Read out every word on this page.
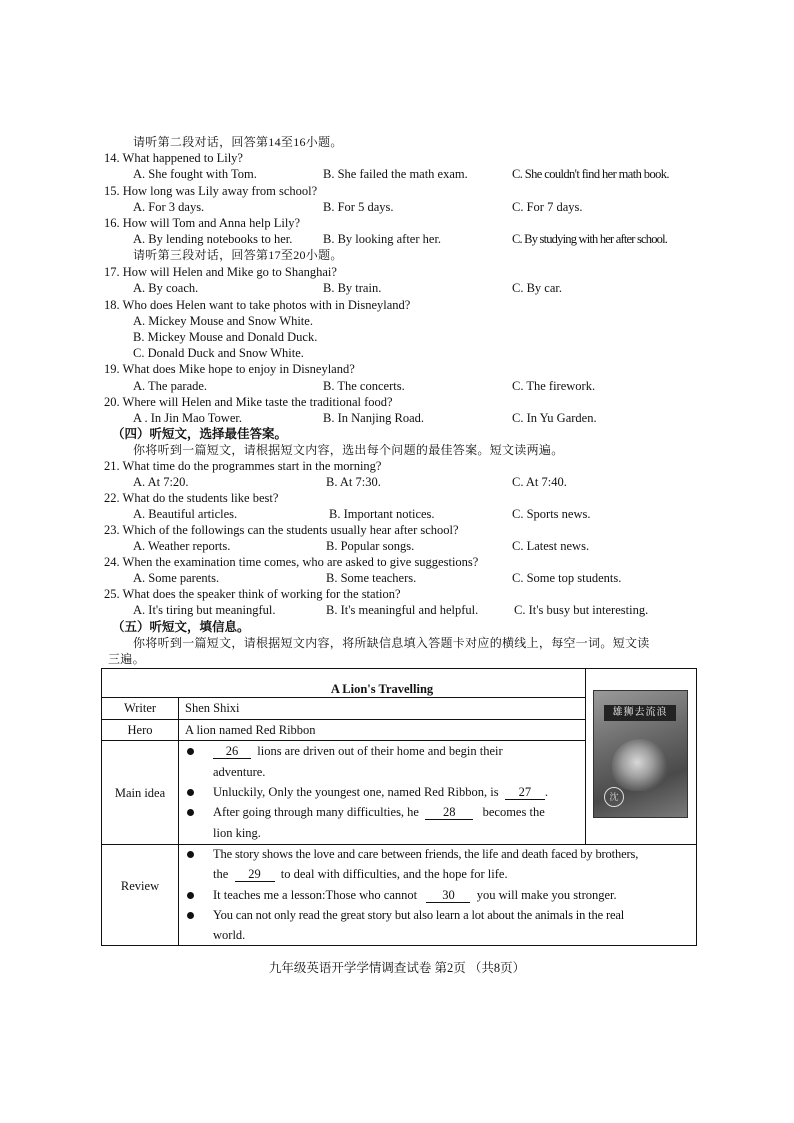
请听第二段对话，回答第14至16小题。
14. What happened to Lily?
A. She fought with Tom.	B. She failed the math exam.	C. She couldn't find her math book.
15. How long was Lily away from school?
A. For 3 days.	B. For 5 days.	C. For 7 days.
16. How will Tom and Anna help Lily?
A. By lending notebooks to her. B. By looking after her.	C. By studying with her after school.
请听第三段对话，回答第17至20小题。
17. How will Helen and Mike go to Shanghai?
A. By coach.	B. By train.	C. By car.
18. Who does Helen want to take photos with in Disneyland?
A. Mickey Mouse and Snow White.
B. Mickey Mouse and Donald Duck.
C. Donald Duck and Snow White.
19. What does Mike hope to enjoy in Disneyland?
A. The parade.	B. The concerts.	C. The firework.
20. Where will Helen and Mike taste the traditional food?
A . In Jin Mao Tower.	B. In Nanjing Road.	C. In Yu Garden.
（四）听短文，选择最佳答案。
你将听到一篇短文，请根据短文内容，选出每个问题的最佳答案。短文读两遍。
21. What time do the programmes start in the morning?
A. At 7:20.	B. At 7:30.	C. At 7:40.
22. What do the students like best?
A. Beautiful articles.	B. Important notices.	C. Sports news.
23. Which of the followings can the students usually hear after school?
A. Weather reports.	B. Popular songs.	C. Latest news.
24. When the examination time comes, who are asked to give suggestions?
A. Some parents.	B. Some teachers.	C. Some top students.
25. What does the speaker think of working for the station?
A. It's tiring but meaningful.	B. It's meaningful and helpful.	C. It's busy but interesting.
（五）听短文，填信息。
你将听到一篇短文，请根据短文内容，将所缺信息填入答题卡对应的横线上，每空一词。短文读
三遍。
A Lion's Travelling
Writer	Shen Shixi
Hero	A lion named Red Ribbon
Main idea
26 lions are driven out of their home and begin their
adventure.
Unluckily, Only the youngest one, named Red Ribbon, is 27 .
After going through many difficulties, he 28 becomes the
lion king.
雄狮去流浪
沈
Review
The story shows the love and care between friends, the life and death faced by brothers,
the 29 to deal with difficulties, and the hope for life.
It teaches me a lesson:Those who cannot 30 you will make you stronger.
You can not only read the great story but also learn a lot about the animals in the real
world.
九年级英语开学学情调查试卷 第2页 （共8页）
